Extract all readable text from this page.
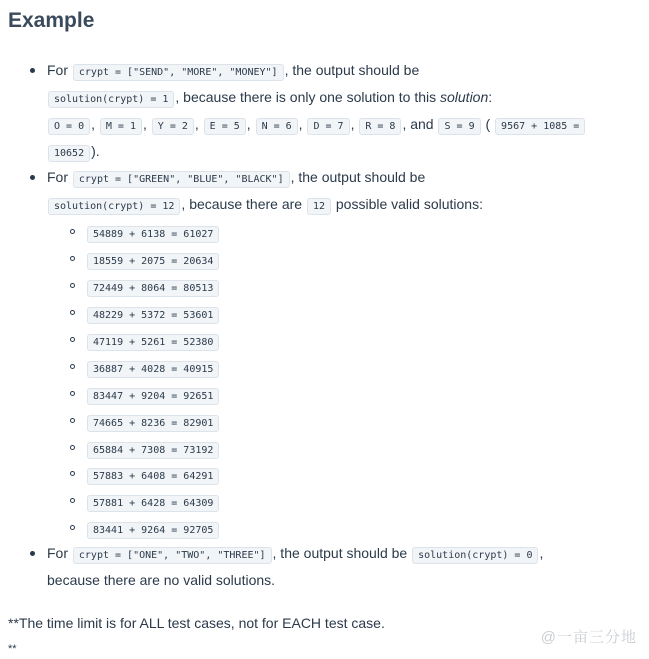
Example
For crypt = ["SEND", "MORE", "MONEY"] , the output should be
solution(crypt) = 1 , because there is only one solution to this solution:
O = 0 , M = 1 , Y = 2 , E = 5 , N = 6 , D = 7 , R = 8 , and S = 9 ( 9567 + 1085 =
10652 ).
For crypt = ["GREEN", "BLUE", "BLACK"] , the output should be
solution(crypt) = 12 , because there are 12 possible valid solutions:
54889 + 6138 = 61027
18559 + 2075 = 20634
72449 + 8064 = 80513
48229 + 5372 = 53601
47119 + 5261 = 52380
36887 + 4028 = 40915
83447 + 9204 = 92651
74665 + 8236 = 82901
65884 + 7308 = 73192
57883 + 6408 = 64291
57881 + 6428 = 64309
83441 + 9264 = 92705
For crypt = ["ONE", "TWO", "THREE"] , the output should be solution(crypt) = 0 ,
because there are no valid solutions.
**The time limit is for ALL test cases, not for EACH test case.
**
@一亩三分地
